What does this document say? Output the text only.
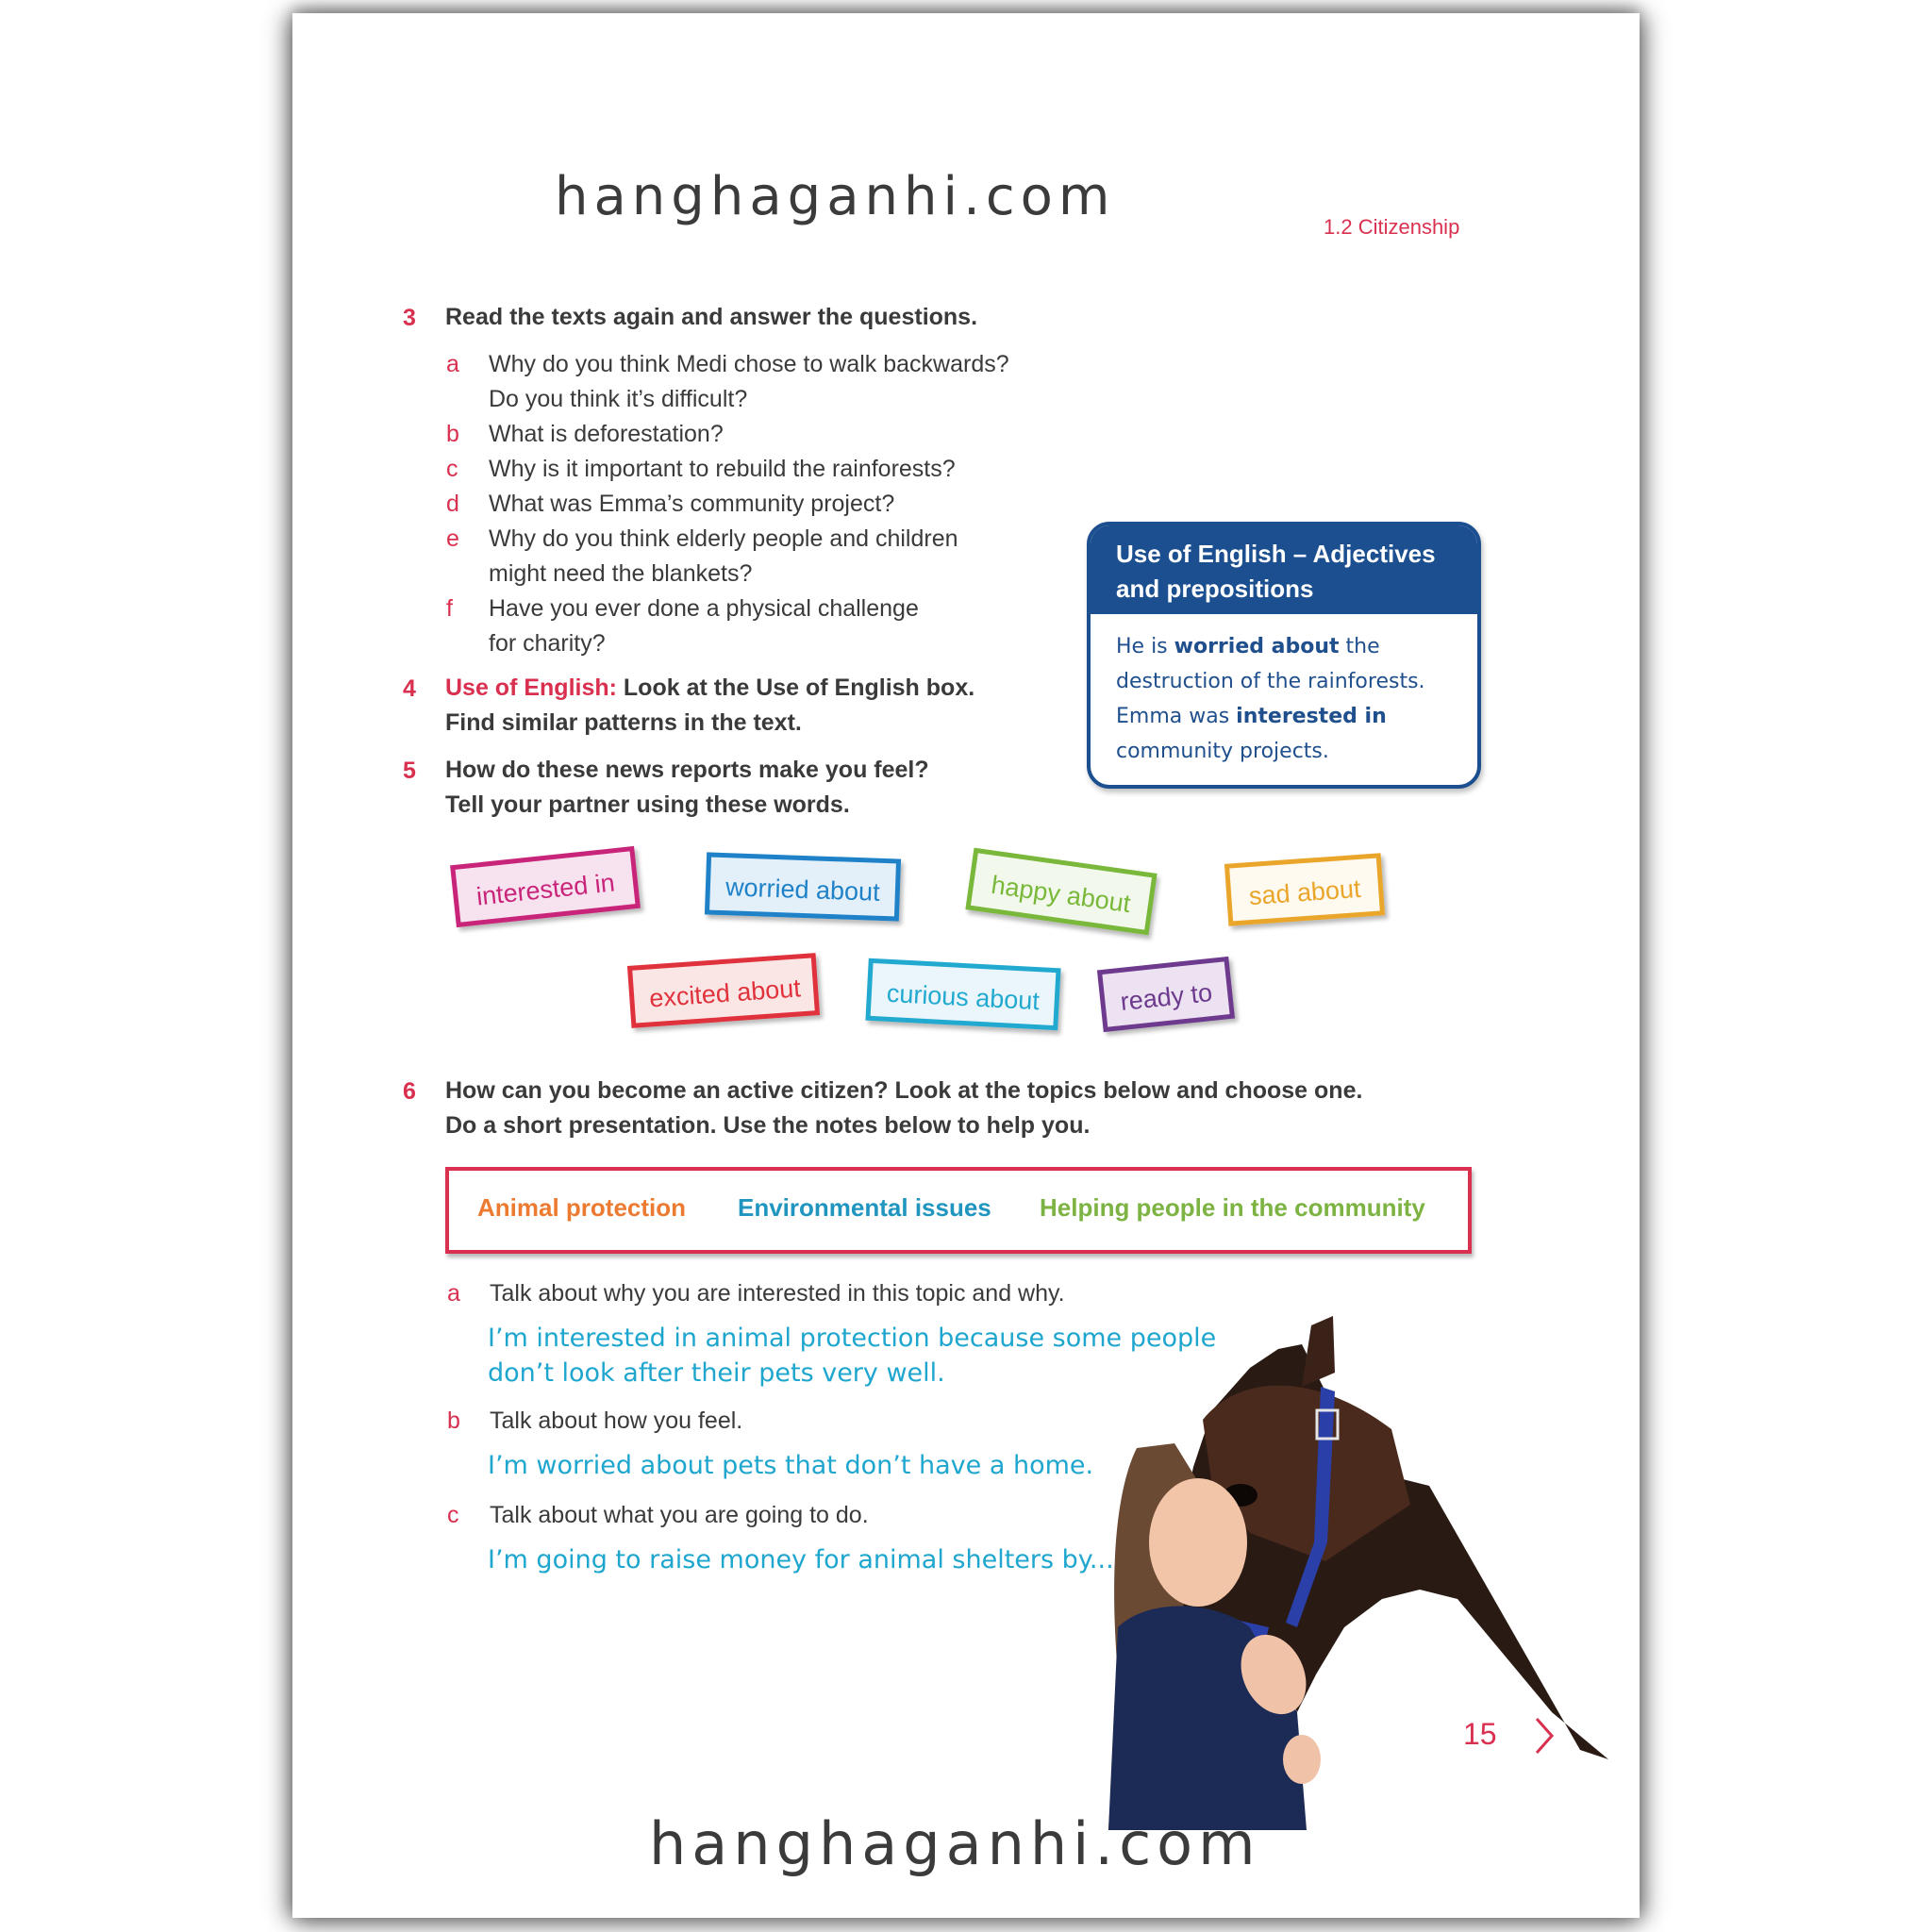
hanghaganhi.com	1.2 Citizenship
3 Read the texts again and answer the questions.
a Why do you think Medi chose to walk backwards?
Do you think it’s difficult?
b What is deforestation?
c Why is it important to rebuild the rainforests?
d What was Emma’s community project?
e Why do you think elderly people and children
might need the blankets?
f Have you ever done a physical challenge
for charity?
Use of English – Adjectives
and prepositions
He is worried about the
destruction of the rainforests.
Emma was interested in
community projects.
4 Use of English: Look at the Use of English box.
Find similar patterns in the text.
5 How do these news reports make you feel?
Tell your partner using these words.
interested in	worried about	happy about	sad about
excited about	curious about	ready to
6 How can you become an active citizen? Look at the topics below and choose one.
Do a short presentation. Use the notes below to help you.
Animal protection Environmental issues Helping people in the community
a Talk about why you are interested in this topic and why.
I’m interested in animal protection because some people
don’t look after their pets very well.
b Talk about how you feel.
I’m worried about pets that don’t have a home.
c Talk about what you are going to do.
I’m going to raise money for animal shelters by...
15
hanghaganhi.com
